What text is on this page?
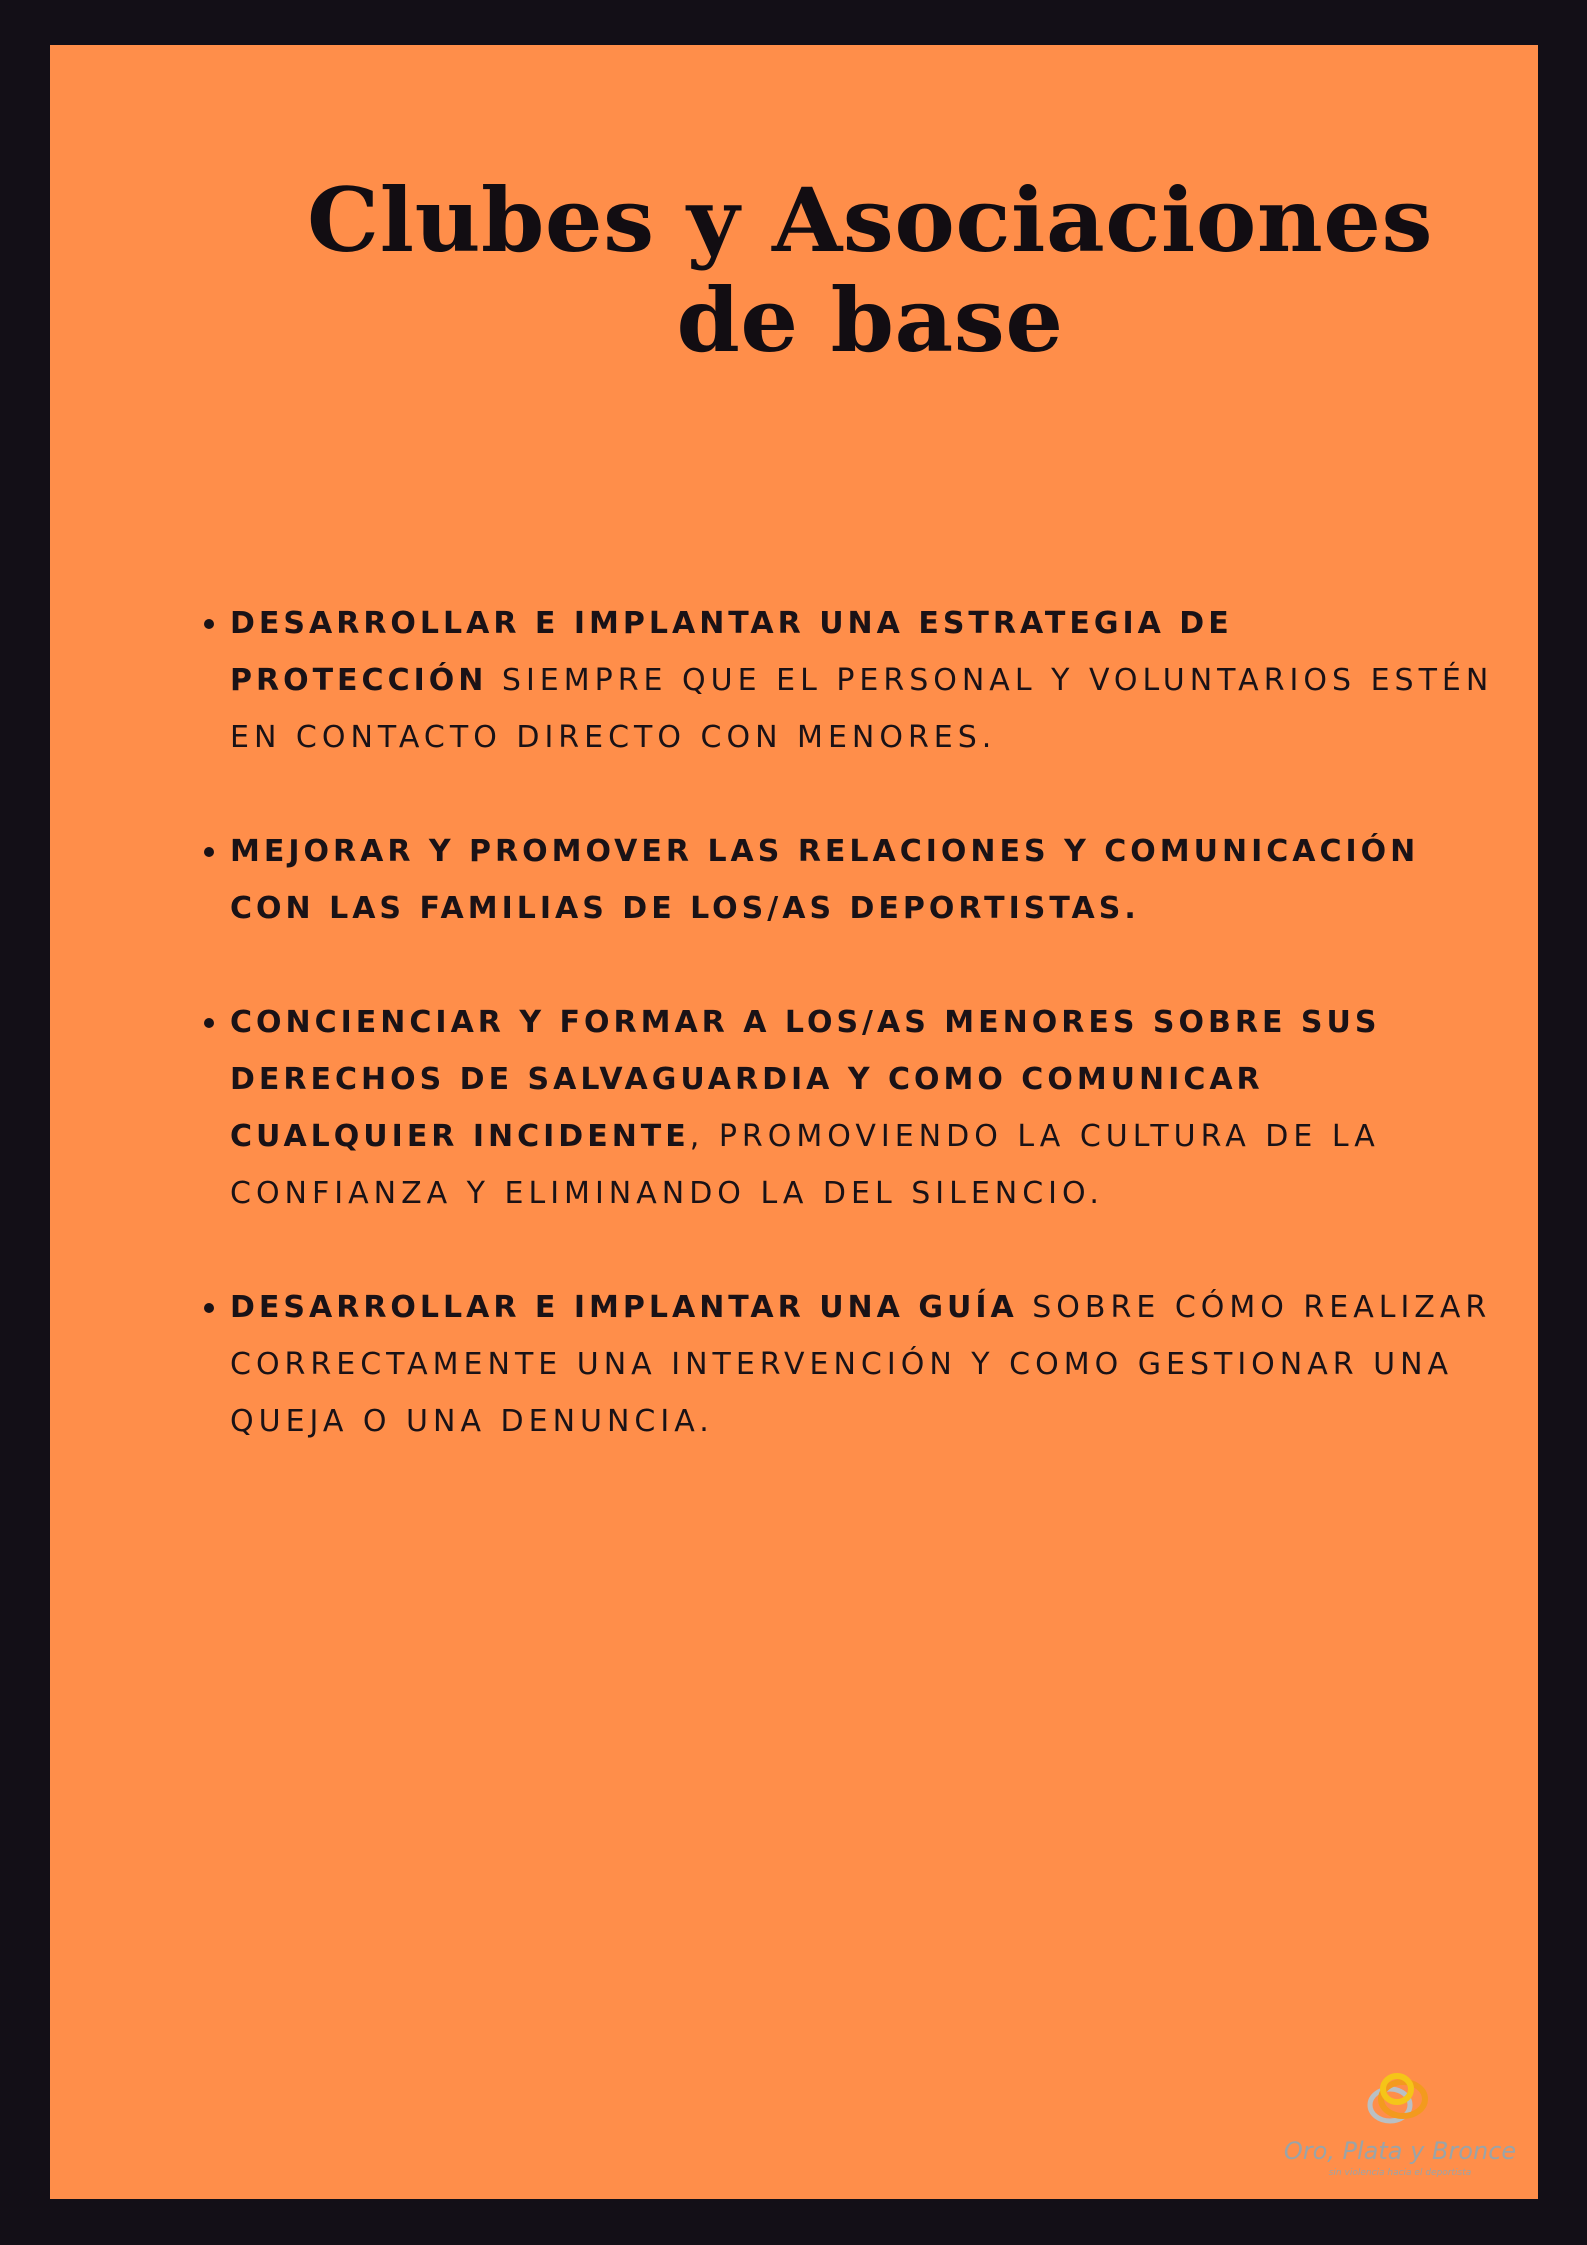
Clubes y Asociaciones
de base
DESARROLLAR E IMPLANTAR UNA ESTRATEGIA DE PROTECCIÓN SIEMPRE QUE EL PERSONAL Y VOLUNTARIOS ESTÉN EN CONTACTO DIRECTO CON MENORES.
MEJORAR Y PROMOVER LAS RELACIONES Y COMUNICACIÓN CON LAS FAMILIAS DE LOS/AS DEPORTISTAS.
CONCIENCIAR Y FORMAR A LOS/AS MENORES SOBRE SUS DERECHOS DE SALVAGUARDIA Y COMO COMUNICAR CUALQUIER INCIDENTE, PROMOVIENDO LA CULTURA DE LA CONFIANZA Y ELIMINANDO LA DEL SILENCIO.
DESARROLLAR E IMPLANTAR UNA GUÍA SOBRE CÓMO REALIZAR CORRECTAMENTE UNA INTERVENCIÓN Y COMO GESTIONAR UNA QUEJA O UNA DENUNCIA.
Oro, Plata y Bronce
sin violencia hacia el deportista
